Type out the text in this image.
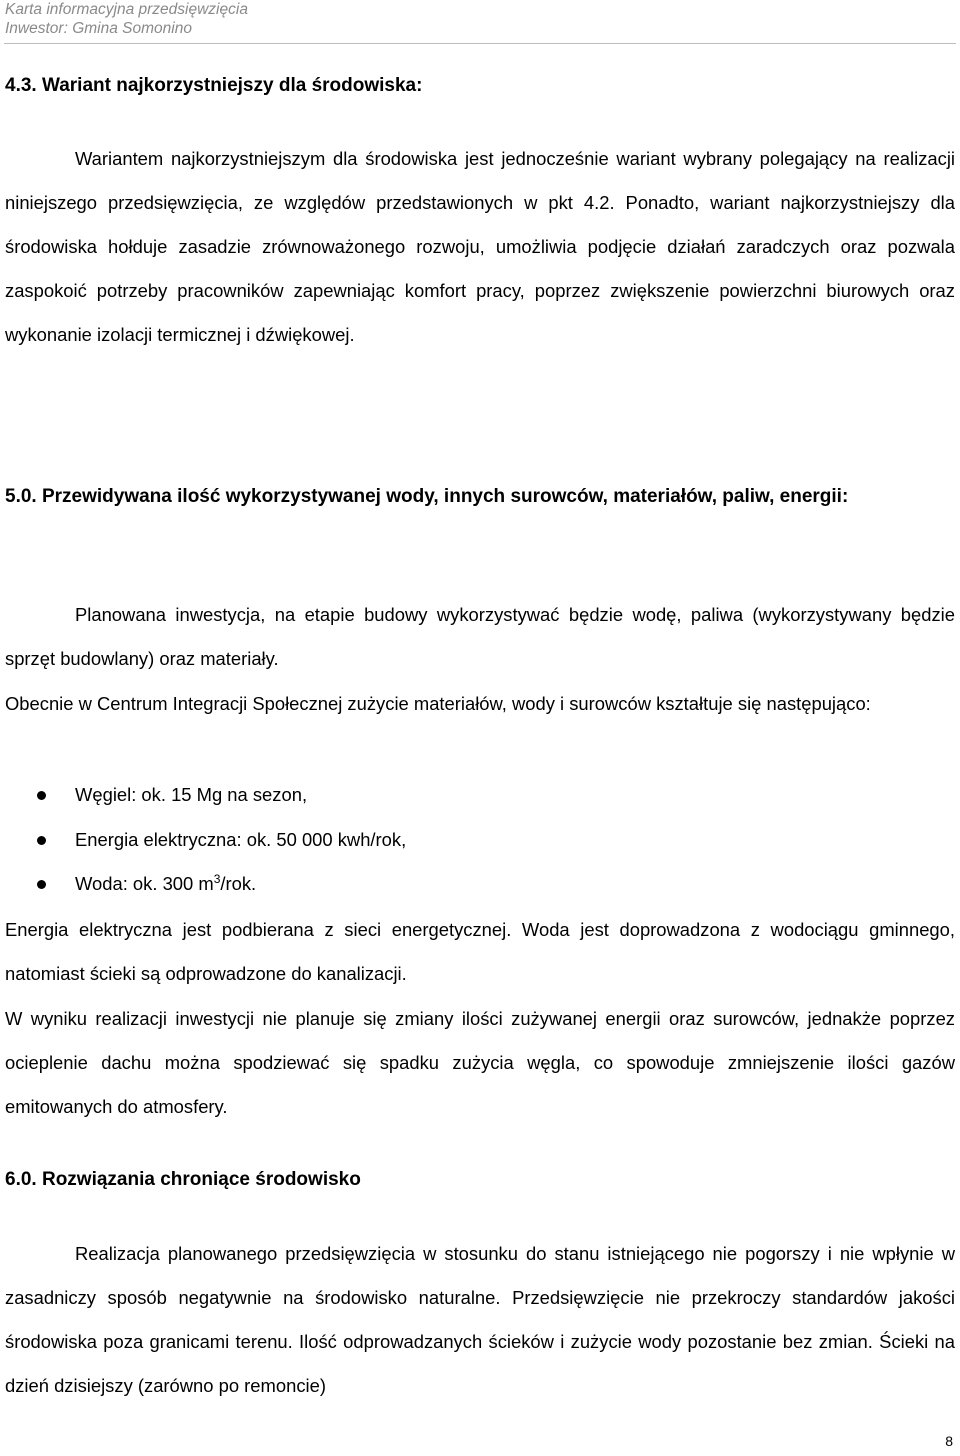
Karta informacyjna przedsięwzięcia
Inwestor: Gmina Somonino
4.3. Wariant najkorzystniejszy dla środowiska:

Wariantem najkorzystniejszym dla środowiska jest jednocześnie wariant wybrany polegający na realizacji niniejszego przedsięwzięcia, ze względów przedstawionych w pkt 4.2. Ponadto, wariant najkorzystniejszy dla środowiska hołduje zasadzie zrównoważonego rozwoju, umożliwia podjęcie działań zaradczych oraz pozwala zaspokoić potrzeby pracowników zapewniając komfort pracy, poprzez zwiększenie powierzchni biurowych oraz wykonanie izolacji termicznej i dźwiękowej.

5.0. Przewidywana ilość wykorzystywanej wody, innych surowców, materiałów, paliw, energii:

Planowana inwestycja, na etapie budowy wykorzystywać będzie wodę, paliwa (wykorzystywany będzie sprzęt budowlany) oraz materiały.

Obecnie w Centrum Integracji Społecznej zużycie materiałów, wody i surowców kształtuje się następująco:

Węgiel: ok. 15 Mg na sezon,
Energia elektryczna: ok. 50 000 kwh/rok,
Woda: ok. 300 $m^3$/rok.

Energia elektryczna jest podbierana z sieci energetycznej. Woda jest doprowadzona z wodociągu gminnego, natomiast ścieki są odprowadzone do kanalizacji.

W wyniku realizacji inwestycji nie planuje się zmiany ilości zużywanej energii oraz surowców, jednakże poprzez ocieplenie dachu można spodziewać się spadku zużycia węgla, co spowoduje zmniejszenie ilości gazów emitowanych do atmosfery.

6.0. Rozwiązania chroniące środowisko

Realizacja planowanego przedsięwzięcia w stosunku do stanu istniejącego nie pogorszy i nie wpłynie w zasadniczy sposób negatywnie na środowisko naturalne. Przedsięwzięcie nie przekroczy standardów jakości środowiska poza granicami terenu. Ilość odprowadzanych ścieków i zużycie wody pozostanie bez zmian. Ścieki na dzień dzisiejszy (zarówno po remoncie)

8
